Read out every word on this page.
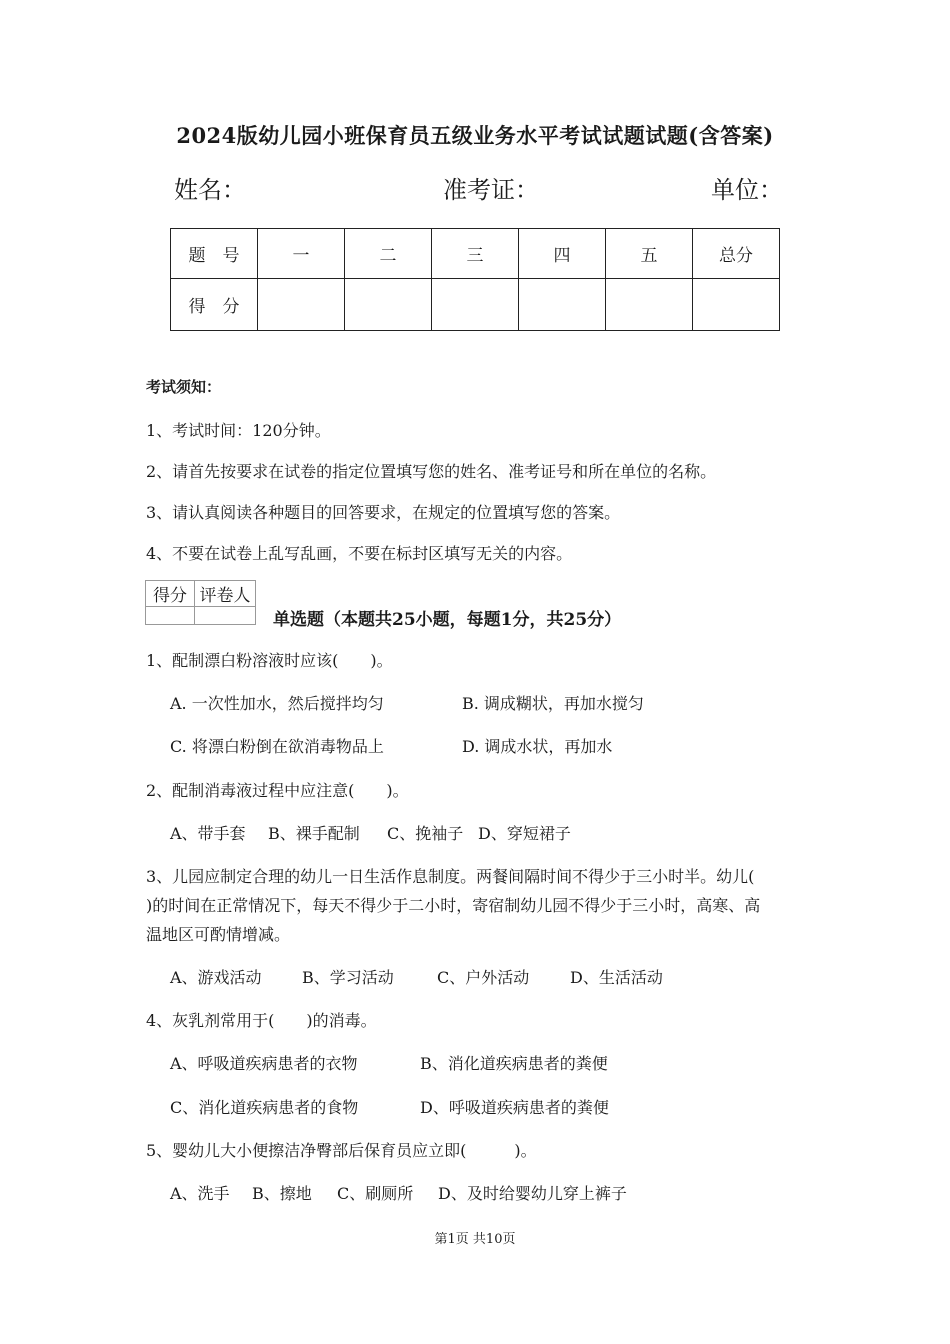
2024版幼儿园小班保育员五级业务水平考试试题试题(含答案)
姓名：	准考证：	单位：
题　号	一	二	三	四	五	总分
得　分						
考试须知：
1、考试时间：120分钟。
2、请首先按要求在试卷的指定位置填写您的姓名、准考证号和所在单位的名称。
3、请认真阅读各种题目的回答要求，在规定的位置填写您的答案。
4、不要在试卷上乱写乱画，不要在标封区填写无关的内容。
得分	评卷人

单选题（本题共25小题，每题1分，共25分）
1、配制漂白粉溶液时应该(　　)。
A. 一次性加水，然后搅拌均匀	B. 调成糊状，再加水搅匀
C. 将漂白粉倒在欲消毒物品上	D. 调成水状，再加水
2、配制消毒液过程中应注意(　　)。
A、带手套 B、裸手配制 C、挽袖子 D、穿短裙子
3、儿园应制定合理的幼儿一日生活作息制度。两餐间隔时间不得少于三小时半。幼儿(
)的时间在正常情况下，每天不得少于二小时，寄宿制幼儿园不得少于三小时，高寒、高
温地区可酌情增减。
A、游戏活动	B、学习活动	C、户外活动	D、生活活动
4、灰乳剂常用于(　　)的消毒。
A、呼吸道疾病患者的衣物	B、消化道疾病患者的粪便
C、消化道疾病患者的食物	D、呼吸道疾病患者的粪便
5、婴幼儿大小便擦洁净臀部后保育员应立即(　　　)。
A、洗手 B、擦地 C、刷厕所 D、及时给婴幼儿穿上裤子
第1页 共10页
